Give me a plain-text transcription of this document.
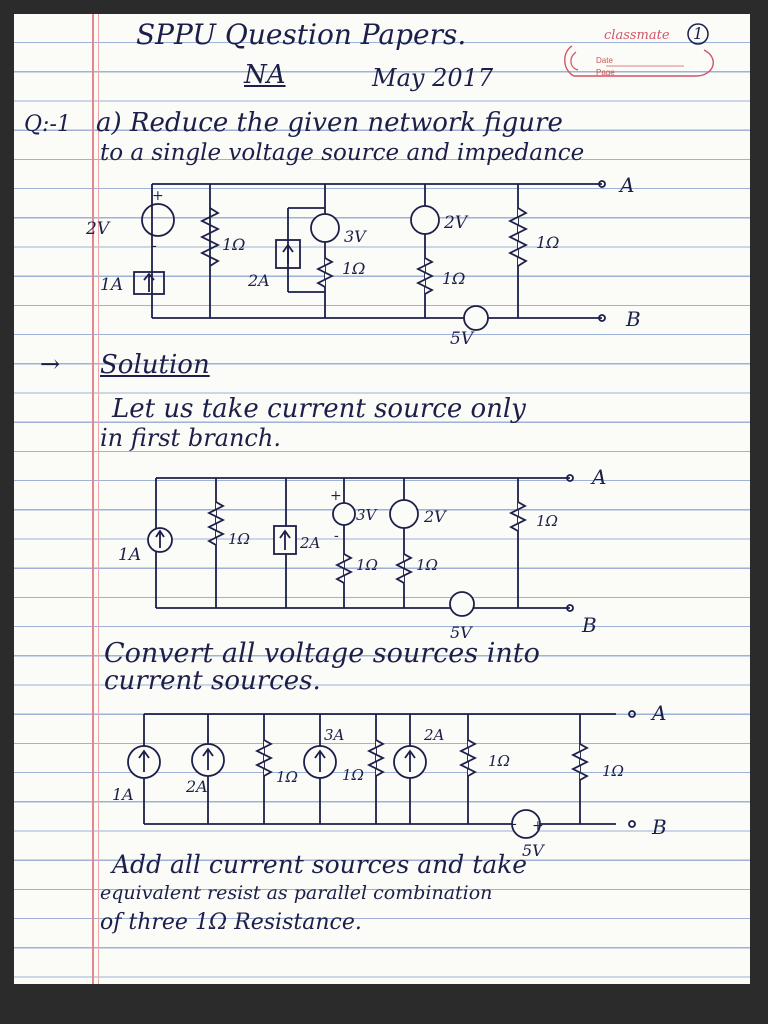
SPPU Question Papers.
NA	May 2017
classmate
Date
Page
1
Q:-1 a) Reduce the given network figure
to a single voltage source and impedance
2V
1A
1Ω
2A
3V
1Ω
2V
1Ω
1Ω
5V
A
B
+
-
→ Solution
Let us take current source only
in first branch.
1A
1Ω	2A
3V
1Ω
2V
1Ω
1Ω
5V
A
B
+
-
Convert all voltage sources into
current sources.
1A	2A	1Ω
3A
1Ω
2A
1Ω
1Ω
5V
A
B
+
-
Add all current sources and take
equivalent resist as parallel combination
of three 1Ω Resistance.
